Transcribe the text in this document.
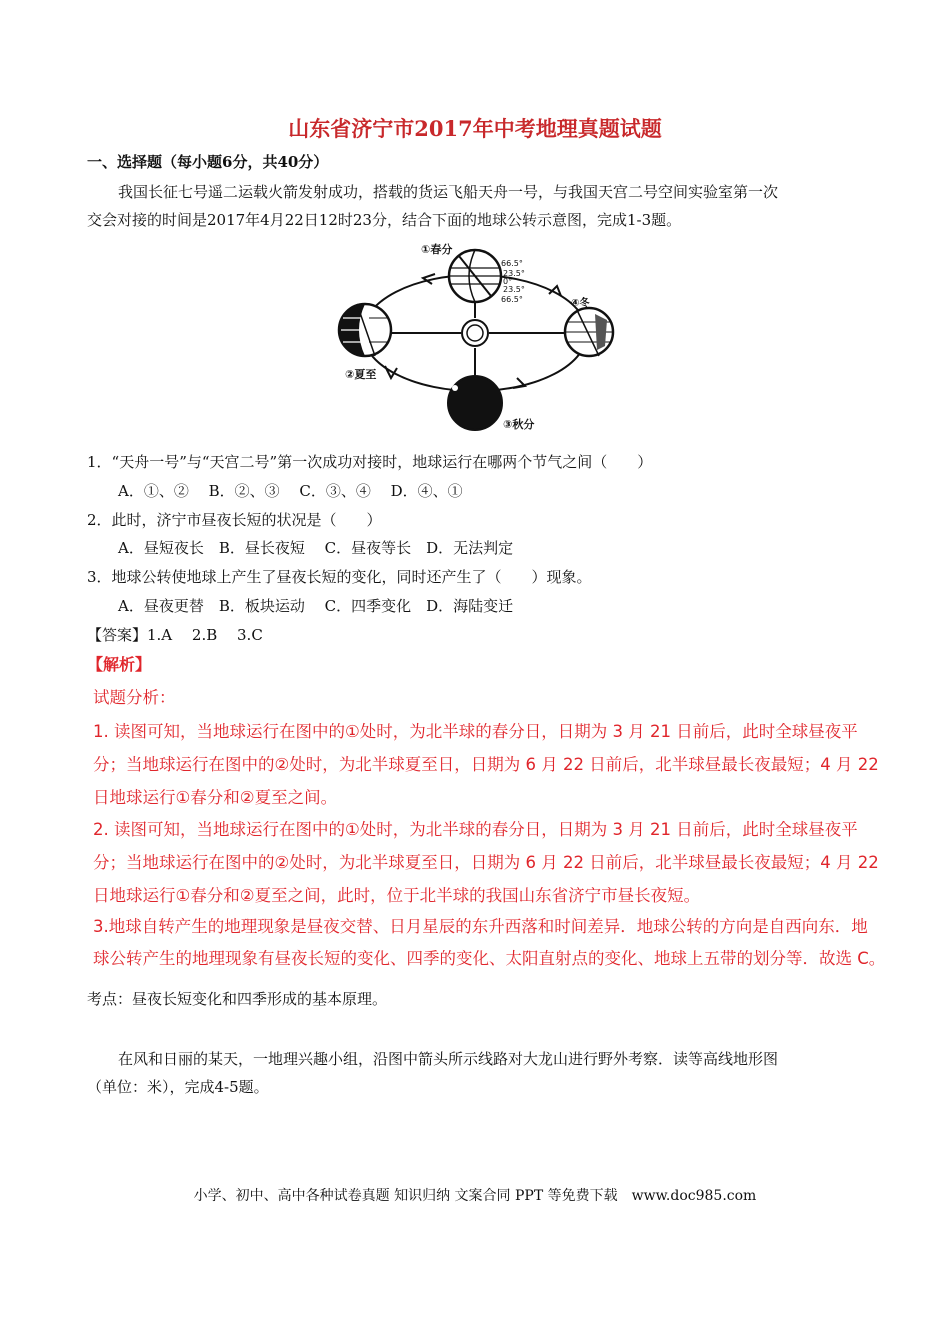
山东省济宁市2017年中考地理真题试题
一、选择题（每小题6分，共40分）
我国长征七号遥二运载火箭发射成功，搭载的货运飞船天舟一号，与我国天宫二号空间实验室第一次
交会对接的时间是2017年4月22日12时23分，结合下面的地球公转示意图，完成1-3题。
①春分
②夏至
③秋分
④冬
66.5°
23.5°
0°
23.5°
66.5°
1．“天舟一号”与“天宫二号”第一次成功对接时，地球运行在哪两个节气之间（　　）
A．①、②　 B．②、③　 C．③、④　 D．④、①
2．此时，济宁市昼夜长短的状况是（　　）
A．昼短夜长　B．昼长夜短　 C．昼夜等长　D．无法判定
3．地球公转使地球上产生了昼夜长短的变化，同时还产生了（　　）现象。
A．昼夜更替　B．板块运动　 C．四季变化　D．海陆变迁
【答案】1.A　 2.B　 3.C
【解析】
试题分析：
1. 读图可知，当地球运行在图中的①处时，为北半球的春分日，日期为 3 月 21 日前后，此时全球昼夜平
分；当地球运行在图中的②处时，为北半球夏至日，日期为 6 月 22 日前后，北半球昼最长夜最短；4 月 22
日地球运行①春分和②夏至之间。
2. 读图可知，当地球运行在图中的①处时，为北半球的春分日，日期为 3 月 21 日前后，此时全球昼夜平
分；当地球运行在图中的②处时，为北半球夏至日，日期为 6 月 22 日前后，北半球昼最长夜最短；4 月 22
日地球运行①春分和②夏至之间，此时，位于北半球的我国山东省济宁市昼长夜短。
3.地球自转产生的地理现象是昼夜交替、日月星辰的东升西落和时间差异．地球公转的方向是自西向东．地
球公转产生的地理现象有昼夜长短的变化、四季的变化、太阳直射点的变化、地球上五带的划分等．故选 C。
考点：昼夜长短变化和四季形成的基本原理。
在风和日丽的某天，一地理兴趣小组，沿图中箭头所示线路对大龙山进行野外考察．读等高线地形图
（单位：米），完成4-5题。
小学、初中、高中各种试卷真题 知识归纳 文案合同 PPT 等免费下载　www.doc985.com
